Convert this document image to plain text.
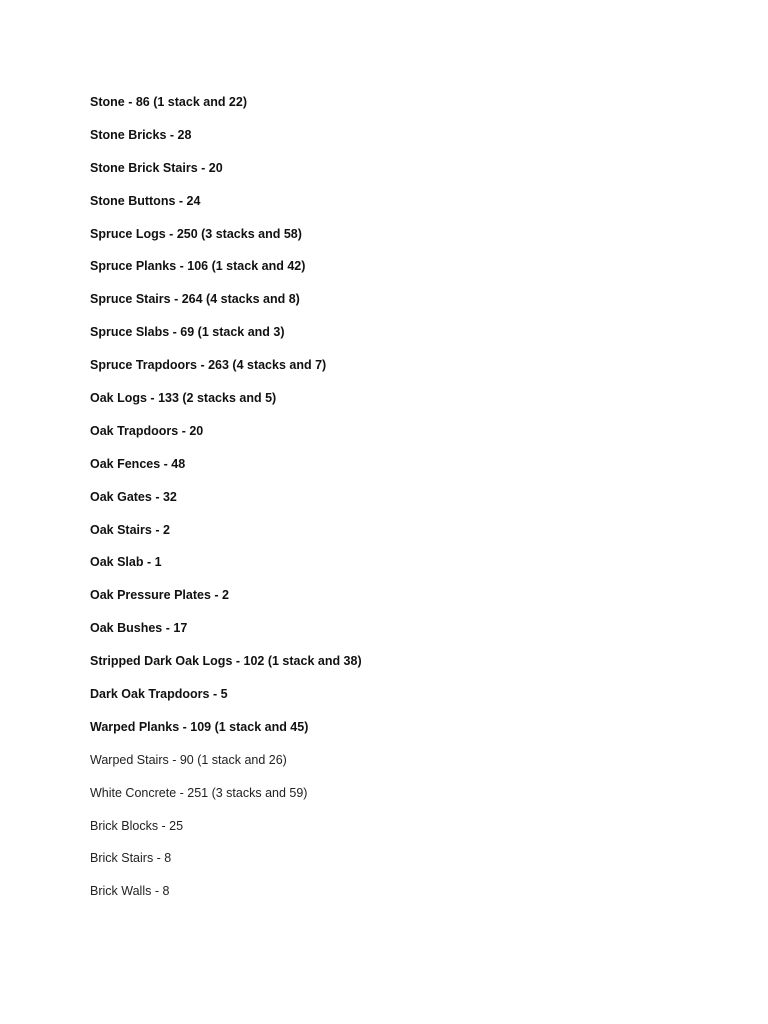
Stone - 86 (1 stack and 22)
Stone Bricks - 28
Stone Brick Stairs - 20
Stone Buttons - 24
Spruce Logs - 250 (3 stacks and 58)
Spruce Planks - 106 (1 stack and 42)
Spruce Stairs - 264 (4 stacks and 8)
Spruce Slabs - 69 (1 stack and 3)
Spruce Trapdoors - 263 (4 stacks and 7)
Oak Logs - 133 (2 stacks and 5)
Oak Trapdoors - 20
Oak Fences - 48
Oak Gates - 32
Oak Stairs - 2
Oak Slab - 1
Oak Pressure Plates - 2
Oak Bushes - 17
Stripped Dark Oak Logs - 102 (1 stack and 38)
Dark Oak Trapdoors - 5
Warped Planks - 109 (1 stack and 45)
Warped Stairs - 90 (1 stack and 26)
White Concrete - 251 (3 stacks and 59)
Brick Blocks - 25
Brick Stairs - 8
Brick Walls - 8
